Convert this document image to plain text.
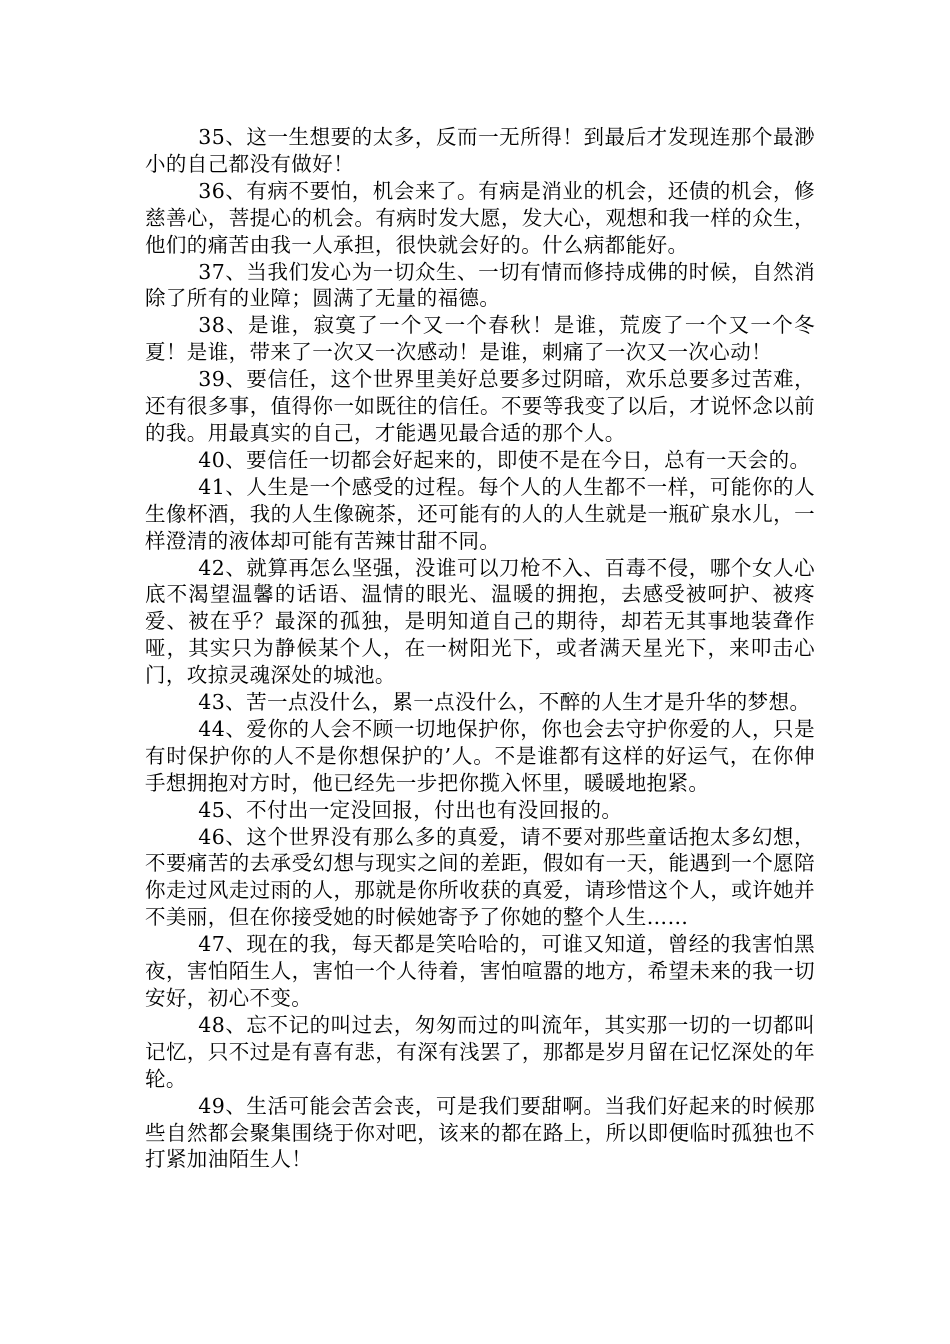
35、这一生想要的太多，反而一无所得！到最后才发现连那个最渺小的自己都没有做好！

36、有病不要怕，机会来了。有病是消业的机会，还债的机会，修慈善心，菩提心的机会。有病时发大愿，发大心，观想和我一样的众生，他们的痛苦由我一人承担，很快就会好的。什么病都能好。

37、当我们发心为一切众生、一切有情而修持成佛的时候，自然消除了所有的业障；圆满了无量的福德。

38、是谁，寂寞了一个又一个春秋！是谁，荒废了一个又一个冬夏！是谁，带来了一次又一次感动！是谁，刺痛了一次又一次心动！

39、要信任，这个世界里美好总要多过阴暗，欢乐总要多过苦难，还有很多事，值得你一如既往的信任。不要等我变了以后，才说怀念以前的我。用最真实的自己，才能遇见最合适的那个人。

40、要信任一切都会好起来的，即使不是在今日，总有一天会的。

41、人生是一个感受的过程。每个人的人生都不一样，可能你的人生像杯酒，我的人生像碗茶，还可能有的人的人生就是一瓶矿泉水儿，一样澄清的液体却可能有苦辣甘甜不同。

42、就算再怎么坚强，没谁可以刀枪不入、百毒不侵，哪个女人心底不渴望温馨的话语、温情的眼光、温暖的拥抱，去感受被呵护、被疼爱、被在乎？最深的孤独，是明知道自己的期待，却若无其事地装聋作哑，其实只为静候某个人，在一树阳光下，或者满天星光下，来叩击心门，攻掠灵魂深处的城池。

43、苦一点没什么，累一点没什么，不醉的人生才是升华的梦想。

44、爱你的人会不顾一切地保护你，你也会去守护你爱的人，只是有时保护你的人不是你想保护的’人。不是谁都有这样的好运气，在你伸手想拥抱对方时，他已经先一步把你揽入怀里，暖暖地抱紧。

45、不付出一定没回报，付出也有没回报的。

46、这个世界没有那么多的真爱，请不要对那些童话抱太多幻想，不要痛苦的去承受幻想与现实之间的差距，假如有一天，能遇到一个愿陪你走过风走过雨的人，那就是你所收获的真爱，请珍惜这个人，或许她并不美丽，但在你接受她的时候她寄予了你她的整个人生……

47、现在的我，每天都是笑哈哈的，可谁又知道，曾经的我害怕黑夜，害怕陌生人，害怕一个人待着，害怕喧嚣的地方，希望未来的我一切安好，初心不变。

48、忘不记的叫过去，匆匆而过的叫流年，其实那一切的一切都叫记忆，只不过是有喜有悲，有深有浅罢了，那都是岁月留在记忆深处的年轮。

49、生活可能会苦会丧，可是我们要甜啊。当我们好起来的时候那些自然都会聚集围绕于你对吧，该来的都在路上，所以即便临时孤独也不打紧加油陌生人！
